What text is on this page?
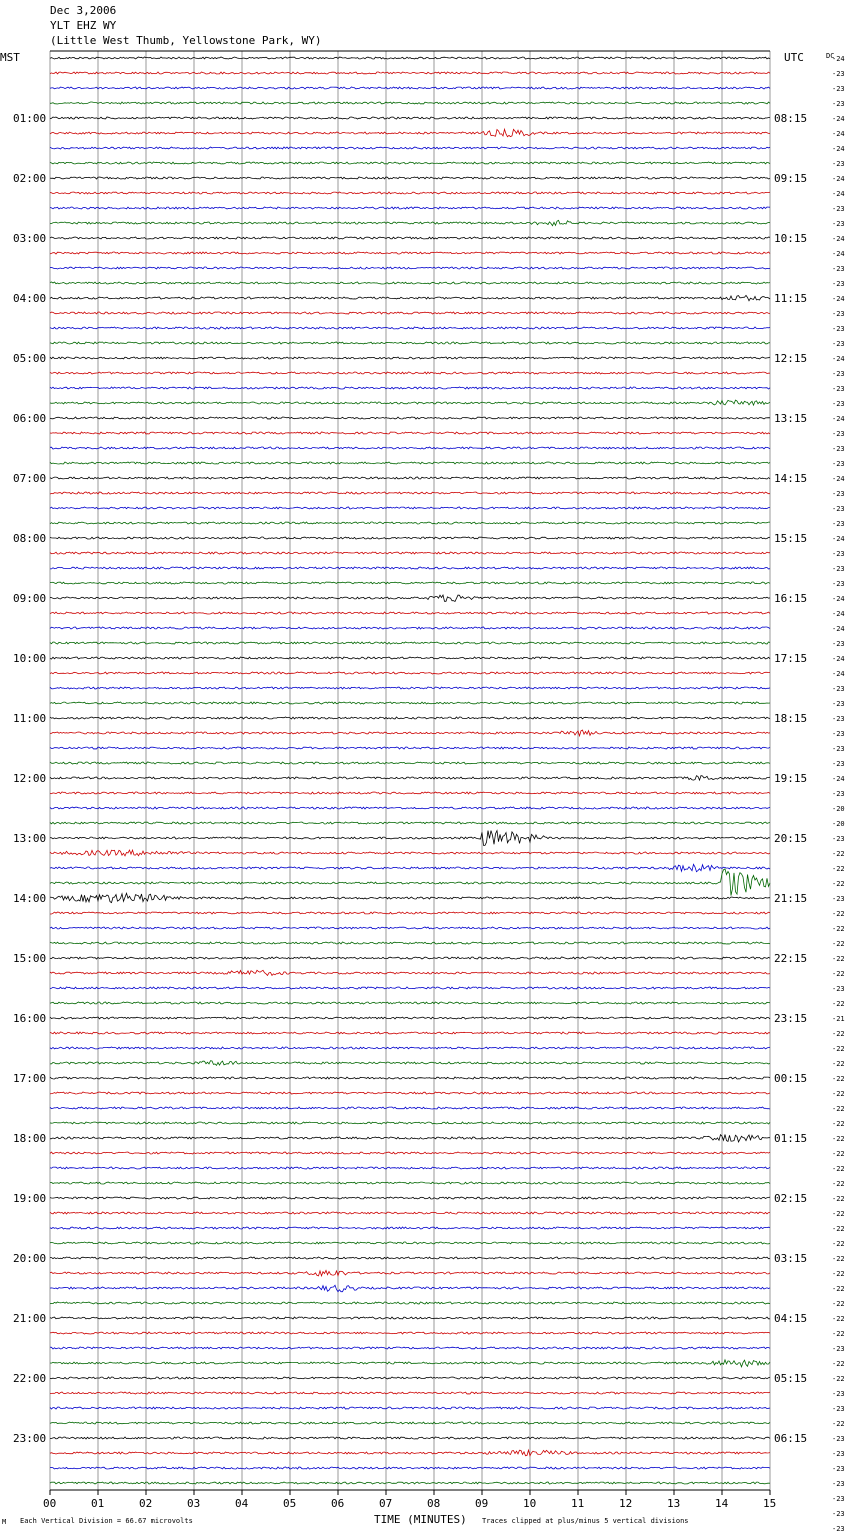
Dec 3,2006
YLT EHZ WY
(Little West Thumb, Yellowstone Park, WY)
01:00
02:00
03:00
04:00
05:00
06:00
07:00
08:00
09:00
10:00
11:00
12:00
13:00
14:00
15:00
16:00
17:00
18:00
19:00
20:00
21:00
22:00
23:00
08:15
09:15
10:15
11:15
12:15
13:15
14:15
15:15
16:15
17:15
18:15
19:15
20:15
21:15
22:15
23:15
00:15
01:15
02:15
03:15
04:15
05:15
06:15
-24
-23
-23
-23
-24
-24
-24
-23
-24
-24
-23
-23
-24
-24
-23
-23
-24
-23
-23
-23
-24
-23
-23
-23
-24
-23
-23
-23
-24
-23
-23
-23
-24
-23
-23
-23
-24
-24
-24
-23
-24
-24
-23
-23
-23
-23
-23
-23
-24
-23
-20
-20
-23
-22
-22
-22
-23
-22
-22
-22
-22
-22
-23
-22
-21
-22
-22
-22
-22
-22
-22
-22
-22
-22
-22
-22
-22
-22
-22
-22
-22
-22
-22
-22
-22
-22
-23
-22
-22
-23
-23
-22
-23
-23
-23
-23
-23
-23
-23
00	01	02	03	04	05	06	07	08	09	10	11	12	13	14	15
MST	UTC	DC
TIME (MINUTES)
Each Vertical Division = 66.67 microvolts	Traces clipped at plus/minus 5 vertical divisions
M
